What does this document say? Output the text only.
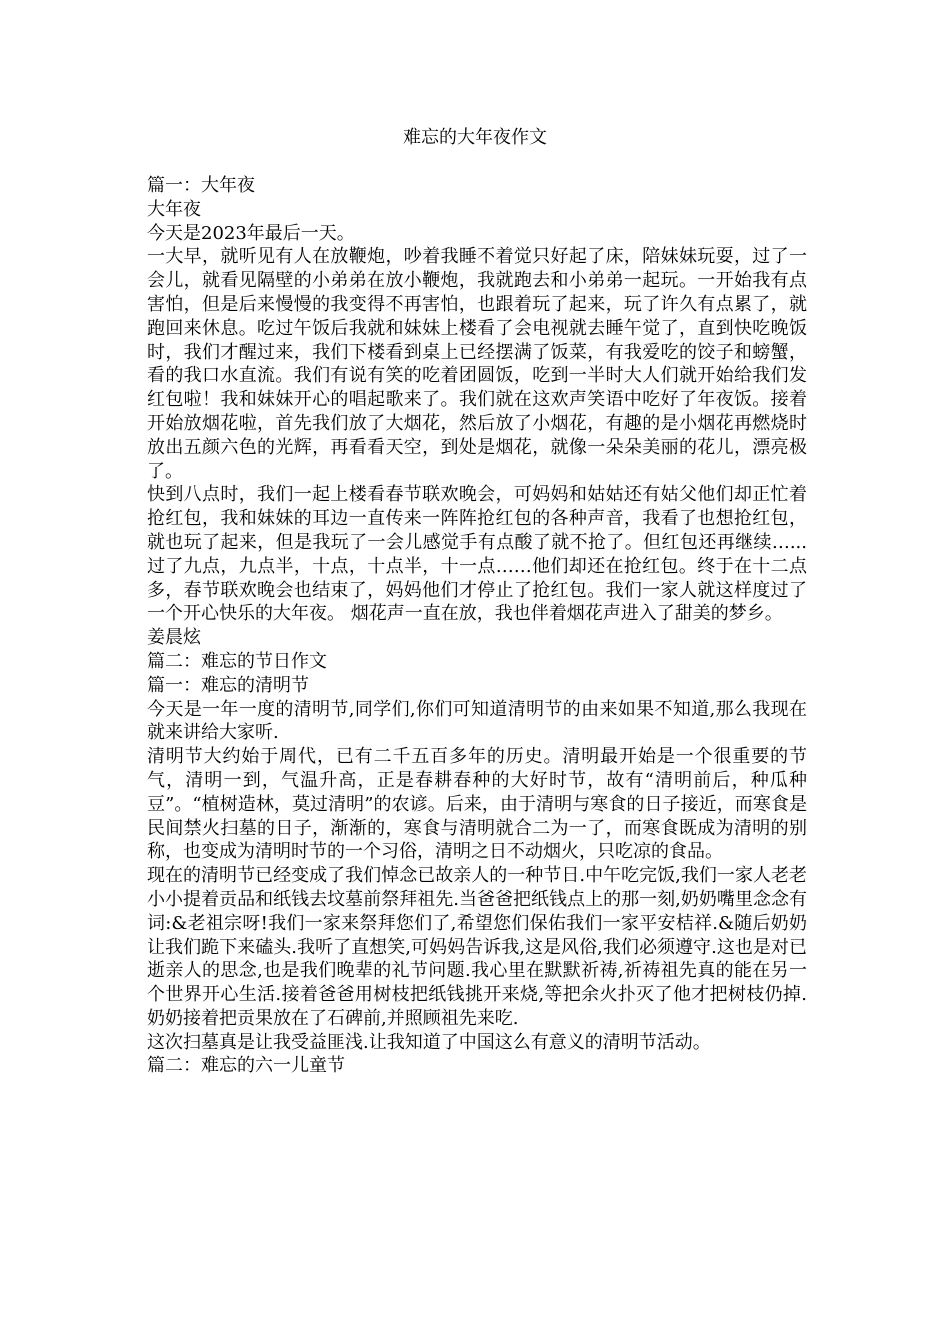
难忘的大年夜作文

篇一：大年夜

大年夜

今天是2023年最后一天。

一大早，就听见有人在放鞭炮，吵着我睡不着觉只好起了床，陪妹妹玩耍，过了一会儿，就看见隔壁的小弟弟在放小鞭炮，我就跑去和小弟弟一起玩。一开始我有点害怕，但是后来慢慢的我变得不再害怕，也跟着玩了起来，玩了许久有点累了，就跑回来休息。吃过午饭后我就和妹妹上楼看了会电视就去睡午觉了，直到快吃晚饭时，我们才醒过来，我们下楼看到桌上已经摆满了饭菜，有我爱吃的饺子和螃蟹，看的我口水直流。我们有说有笑的吃着团圆饭，吃到一半时大人们就开始给我们发红包啦！我和妹妹开心的唱起歌来了。我们就在这欢声笑语中吃好了年夜饭。接着开始放烟花啦，首先我们放了大烟花，然后放了小烟花，有趣的是小烟花再燃烧时放出五颜六色的光辉，再看看天空，到处是烟花，就像一朵朵美丽的花儿，漂亮极了。

快到八点时，我们一起上楼看春节联欢晚会，可妈妈和姑姑还有姑父他们却正忙着抢红包，我和妹妹的耳边一直传来一阵阵抢红包的各种声音，我看了也想抢红包，就也玩了起来，但是我玩了一会儿感觉手有点酸了就不抢了。但红包还再继续…...过了九点，九点半，十点，十点半，十一点……他们却还在抢红包。终于在十二点多，春节联欢晚会也结束了，妈妈他们才停止了抢红包。我们一家人就这样度过了一个开心快乐的大年夜。 烟花声一直在放，我也伴着烟花声进入了甜美的梦乡。

姜晨炫

篇二：难忘的节日作文

篇一：难忘的清明节

今天是一年一度的清明节,同学们,你们可知道清明节的由来如果不知道,那么我现在就来讲给大家听.

清明节大约始于周代，已有二千五百多年的历史。清明最开始是一个很重要的节气，清明一到，气温升高，正是春耕春种的大好时节，故有“清明前后，种瓜种豆”。“植树造林，莫过清明”的农谚。后来，由于清明与寒食的日子接近，而寒食是民间禁火扫墓的日子，渐渐的，寒食与清明就合二为一了，而寒食既成为清明的别称，也变成为清明时节的一个习俗，清明之日不动烟火，只吃凉的食品。

现在的清明节已经变成了我们悼念已故亲人的一种节日.中午吃完饭,我们一家人老老小小提着贡品和纸钱去坟墓前祭拜祖先.当爸爸把纸钱点上的那一刻,奶奶嘴里念念有词:&老祖宗呀!我们一家来祭拜您们了,希望您们保佑我们一家平安桔祥.&随后奶奶让我们跪下来磕头.我听了直想笑,可妈妈告诉我,这是风俗,我们必须遵守.这也是对已逝亲人的思念,也是我们晚辈的礼节问题.我心里在默默祈祷,祈祷祖先真的能在另一个世界开心生活.接着爸爸用树枝把纸钱挑开来烧,等把余火扑灭了他才把树枝仍掉.奶奶接着把贡果放在了石碑前,并照顾祖先来吃.

这次扫墓真是让我受益匪浅.让我知道了中国这么有意义的清明节活动。

篇二：难忘的六一儿童节
